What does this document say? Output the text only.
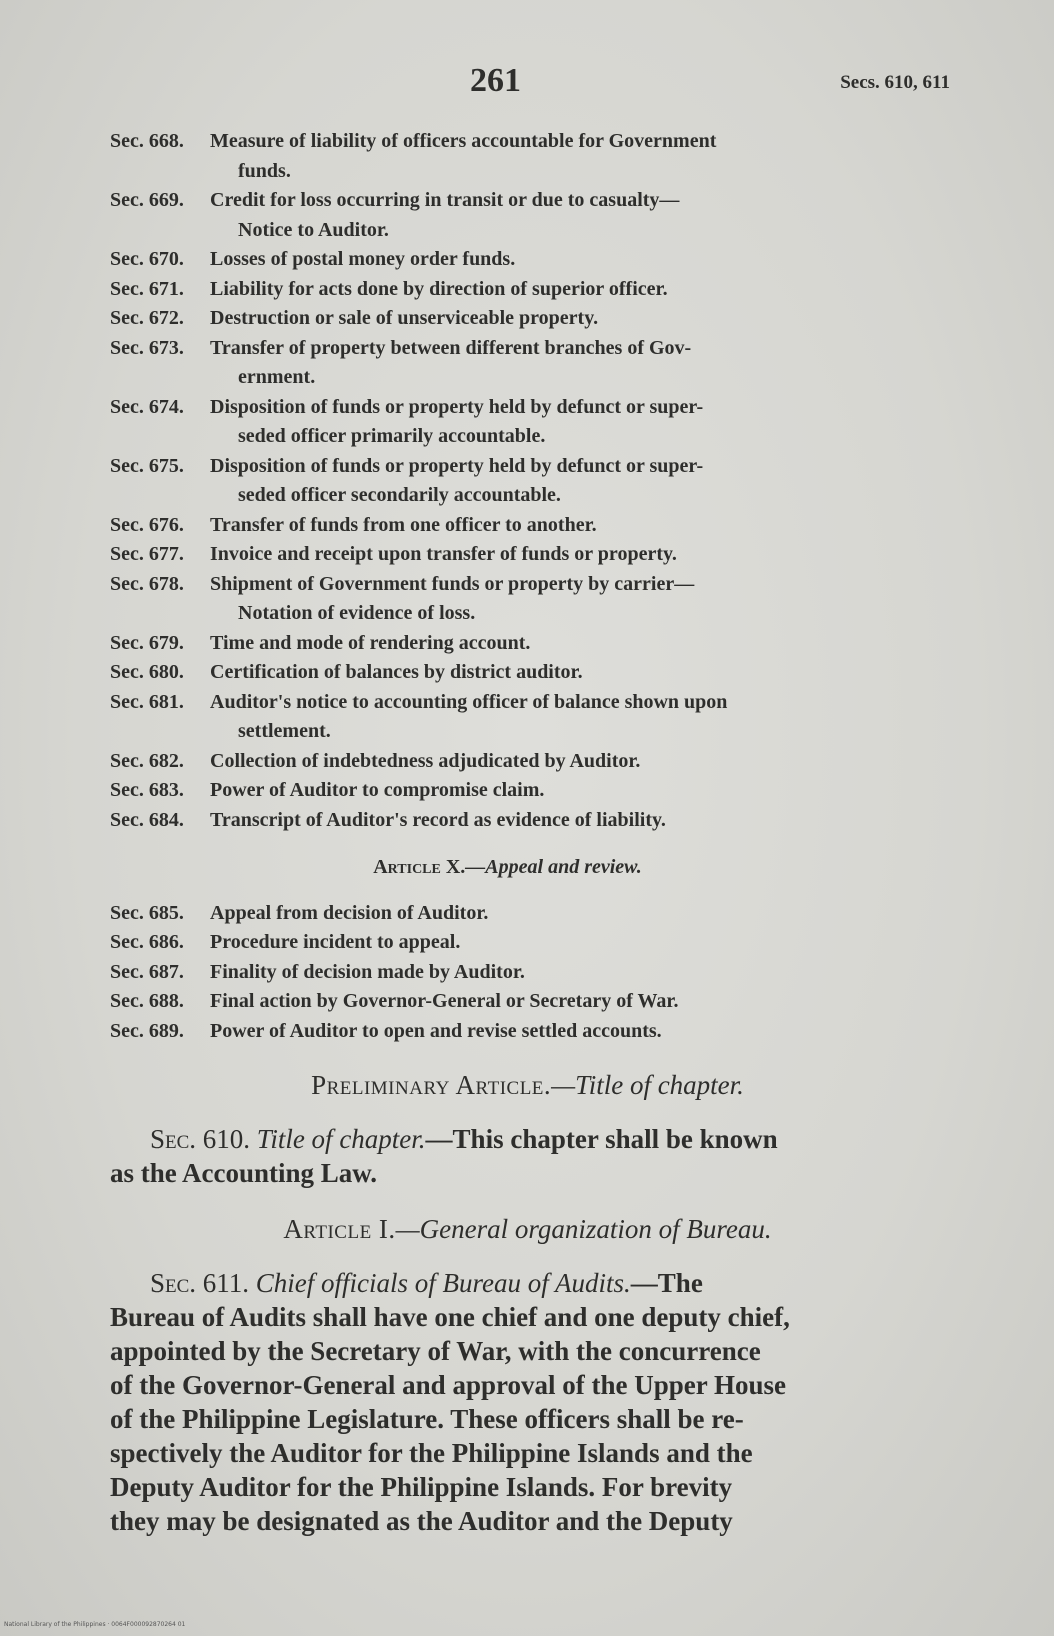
261	Secs. 610, 611
Sec. 668.	Measure of liability of officers accountable for Government
funds.
Sec. 669.	Credit for loss occurring in transit or due to casualty—
Notice to Auditor.
Sec. 670.	Losses of postal money order funds.
Sec. 671.	Liability for acts done by direction of superior officer.
Sec. 672.	Destruction or sale of unserviceable property.
Sec. 673.	Transfer of property between different branches of Gov-
ernment.
Sec. 674.	Disposition of funds or property held by defunct or super-
seded officer primarily accountable.
Sec. 675.	Disposition of funds or property held by defunct or super-
seded officer secondarily accountable.
Sec. 676.	Transfer of funds from one officer to another.
Sec. 677.	Invoice and receipt upon transfer of funds or property.
Sec. 678.	Shipment of Government funds or property by carrier—
Notation of evidence of loss.
Sec. 679.	Time and mode of rendering account.
Sec. 680.	Certification of balances by district auditor.
Sec. 681.	Auditor's notice to accounting officer of balance shown upon
settlement.
Sec. 682.	Collection of indebtedness adjudicated by Auditor.
Sec. 683.	Power of Auditor to compromise claim.
Sec. 684.	Transcript of Auditor's record as evidence of liability.
Article X.—Appeal and review.
Sec. 685.	Appeal from decision of Auditor.
Sec. 686.	Procedure incident to appeal.
Sec. 687.	Finality of decision made by Auditor.
Sec. 688.	Final action by Governor-General or Secretary of War.
Sec. 689.	Power of Auditor to open and revise settled accounts.
Preliminary Article.—Title of chapter.
Sec. 610. Title of chapter.—This chapter shall be known
as the Accounting Law.
Article I.—General organization of Bureau.
Sec. 611. Chief officials of Bureau of Audits.—The
Bureau of Audits shall have one chief and one deputy chief,
appointed by the Secretary of War, with the concurrence
of the Governor-General and approval of the Upper House
of the Philippine Legislature. These officers shall be re-
spectively the Auditor for the Philippine Islands and the
Deputy Auditor for the Philippine Islands. For brevity
they may be designated as the Auditor and the Deputy
National Library of the Philippines · 0064F000092870264 01
